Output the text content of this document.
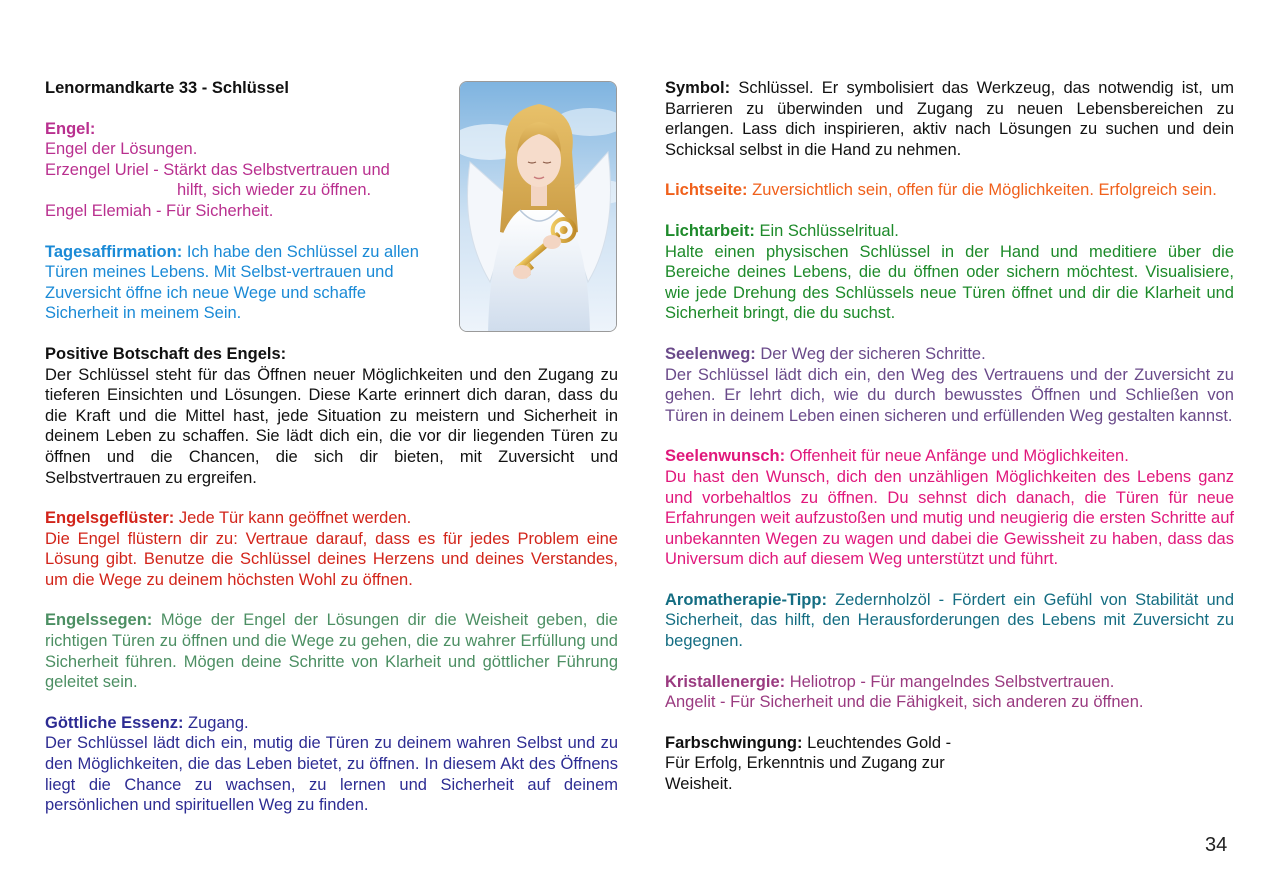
Lenormandkarte 33 - Schlüssel

Engel:

Engel der Lösungen.

Erzengel Uriel - Stärkt das Selbstvertrauen und

hilft, sich wieder zu öffnen.

Engel Elemiah - Für Sicherheit.

Tagesaffirmation: Ich habe den Schlüssel zu allen Türen meines Lebens. Mit Selbst-vertrauen und Zuversicht öffne ich neue Wege und schaffe Sicherheit in meinem Sein.

Positive Botschaft des Engels:

Der Schlüssel steht für das Öffnen neuer Möglichkeiten und den Zugang zu tieferen Einsichten und Lösungen. Diese Karte erinnert dich daran, dass du die Kraft und die Mittel hast, jede Situation zu meistern und Sicherheit in deinem Leben zu schaffen. Sie lädt dich ein, die vor dir liegenden Türen zu öffnen und die Chancen, die sich dir bieten, mit Zuversicht und Selbstvertrauen zu ergreifen.

Engelsgeflüster: Jede Tür kann geöffnet werden.

Die Engel flüstern dir zu: Vertraue darauf, dass es für jedes Problem eine Lösung gibt. Benutze die Schlüssel deines Herzens und deines Verstandes, um die Wege zu deinem höchsten Wohl zu öffnen.

Engelssegen: Möge der Engel der Lösungen dir die Weisheit geben, die richtigen Türen zu öffnen und die Wege zu gehen, die zu wahrer Erfüllung und Sicherheit führen. Mögen deine Schritte von Klarheit und göttlicher Führung geleitet sein.

Göttliche Essenz: Zugang.

Der Schlüssel lädt dich ein, mutig die Türen zu deinem wahren Selbst und zu den Möglichkeiten, die das Leben bietet, zu öffnen. In diesem Akt des Öffnens liegt die Chance zu wachsen, zu lernen und Sicherheit auf deinem persönlichen und spirituellen Weg zu finden.

Symbol: Schlüssel. Er symbolisiert das Werkzeug, das notwendig ist, um Barrieren zu überwinden und Zugang zu neuen Lebensbereichen zu erlangen. Lass dich inspirieren, aktiv nach Lösungen zu suchen und dein Schicksal selbst in die Hand zu nehmen.

Lichtseite: Zuversichtlich sein, offen für die Möglichkeiten. Erfolgreich sein.

Lichtarbeit: Ein Schlüsselritual.

Halte einen physischen Schlüssel in der Hand und meditiere über die Bereiche deines Lebens, die du öffnen oder sichern möchtest. Visualisiere, wie jede Drehung des Schlüssels neue Türen öffnet und dir die Klarheit und Sicherheit bringt, die du suchst.

Seelenweg: Der Weg der sicheren Schritte.

Der Schlüssel lädt dich ein, den Weg des Vertrauens und der Zuversicht zu gehen. Er lehrt dich, wie du durch bewusstes Öffnen und Schließen von Türen in deinem Leben einen sicheren und erfüllenden Weg gestalten kannst.

Seelenwunsch: Offenheit für neue Anfänge und Möglichkeiten.

Du hast den Wunsch, dich den unzähligen Möglichkeiten des Lebens ganz und vorbehaltlos zu öffnen. Du sehnst dich danach, die Türen für neue Erfahrungen weit aufzustoßen und mutig und neugierig die ersten Schritte auf unbekannten Wegen zu wagen und dabei die Gewissheit zu haben, dass das Universum dich auf diesem Weg unterstützt und führt.

Aromatherapie-Tipp: Zedernholzöl - Fördert ein Gefühl von Stabilität und Sicherheit, das hilft, den Herausforderungen des Lebens mit Zuversicht zu begegnen.

Kristallenergie: Heliotrop - Für mangelndes Selbstvertrauen.

Angelit - Für Sicherheit und die Fähigkeit, sich anderen zu öffnen.

Farbschwingung: Leuchtendes Gold - Für Erfolg, Erkenntnis und Zugang zur Weisheit.

34
